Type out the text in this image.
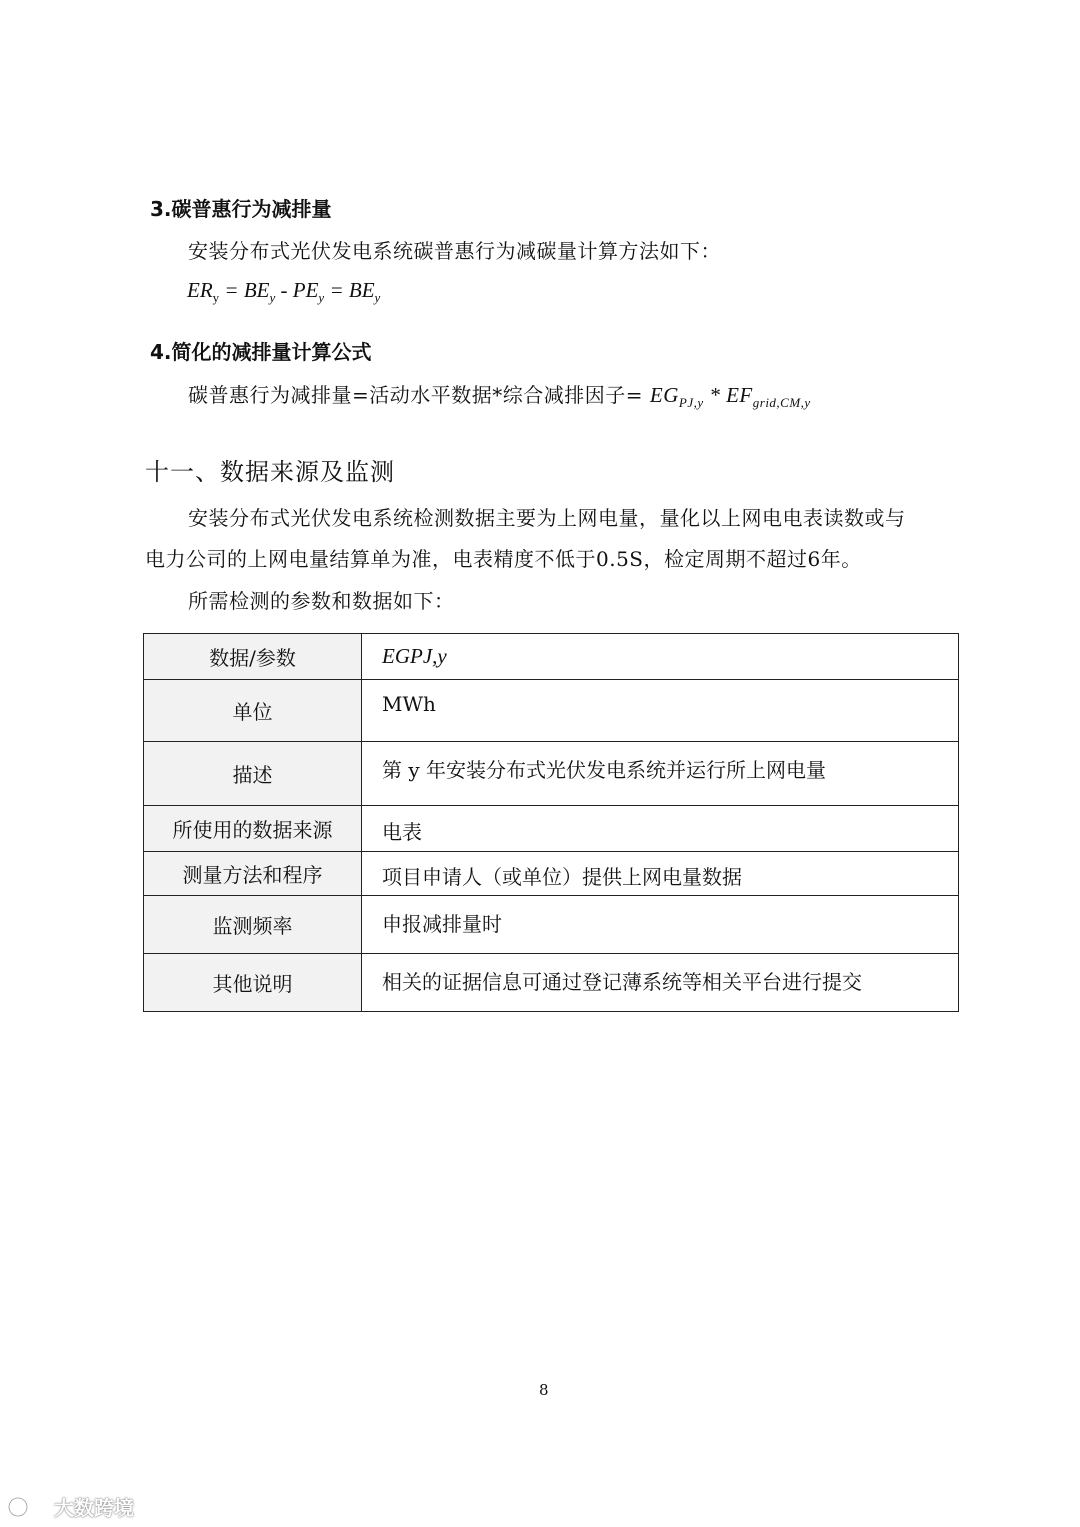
3.碳普惠行为减排量
安装分布式光伏发电系统碳普惠行为减碳量计算方法如下：
$ER_y = BE_y - PE_y = BE_y$
4.简化的减排量计算公式
碳普惠行为减排量=活动水平数据*综合减排因子= $EG_{PJ,y} * EF_{grid,CM,y}$
十一、数据来源及监测
安装分布式光伏发电系统检测数据主要为上网电量，量化以上网电电表读数或与
电力公司的上网电量结算单为准，电表精度不低于0.5S，检定周期不超过6年。
所需检测的参数和数据如下：
数据/参数	EGPJ,y
单位	MWh
描述	第 y 年安装分布式光伏发电系统并运行所上网电量
所使用的数据来源	电表
测量方法和程序	项目申请人（或单位）提供上网电量数据
监测频率	申报减排量时
其他说明	相关的证据信息可通过登记薄系统等相关平台进行提交
8
大数跨境
